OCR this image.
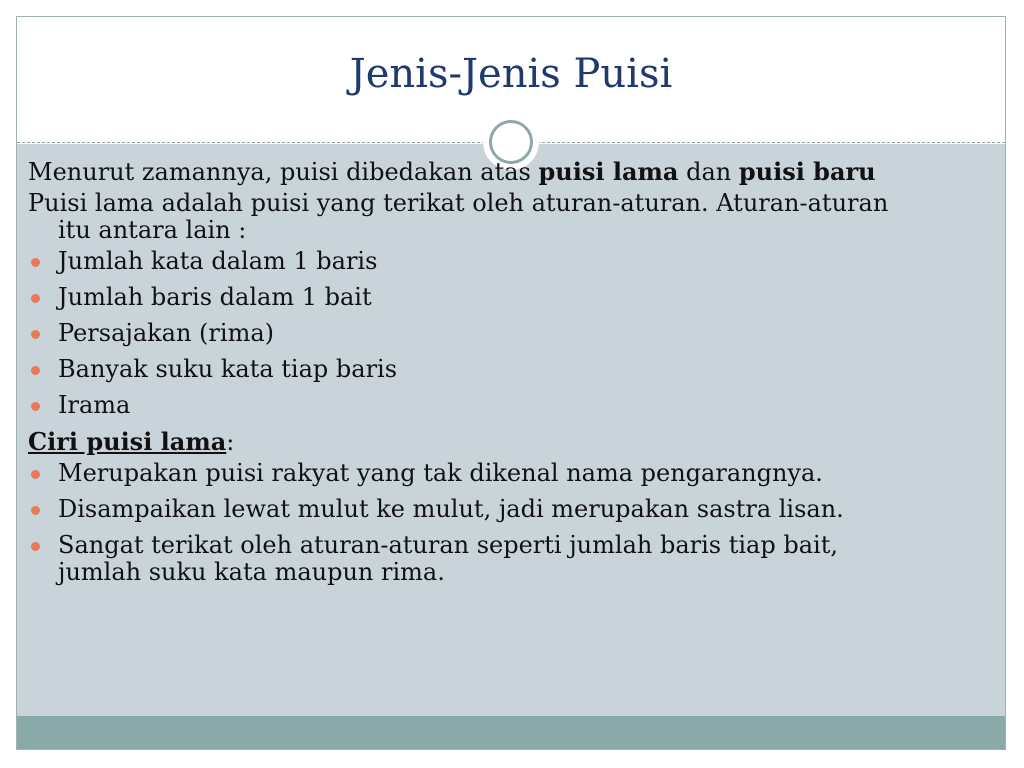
Jenis-Jenis Puisi

Menurut zamannya, puisi dibedakan atas puisi lama dan puisi baru

Puisi lama adalah puisi yang terikat oleh aturan-aturan. Aturan-aturan itu antara lain :

Jumlah kata dalam 1 baris
Jumlah baris dalam 1 bait
Persajakan (rima)
Banyak suku kata tiap baris
Irama

Ciri puisi lama:

Merupakan puisi rakyat yang tak dikenal nama pengarangnya.
Disampaikan lewat mulut ke mulut, jadi merupakan sastra lisan.
Sangat terikat oleh aturan-aturan seperti jumlah baris tiap bait, jumlah suku kata maupun rima.
